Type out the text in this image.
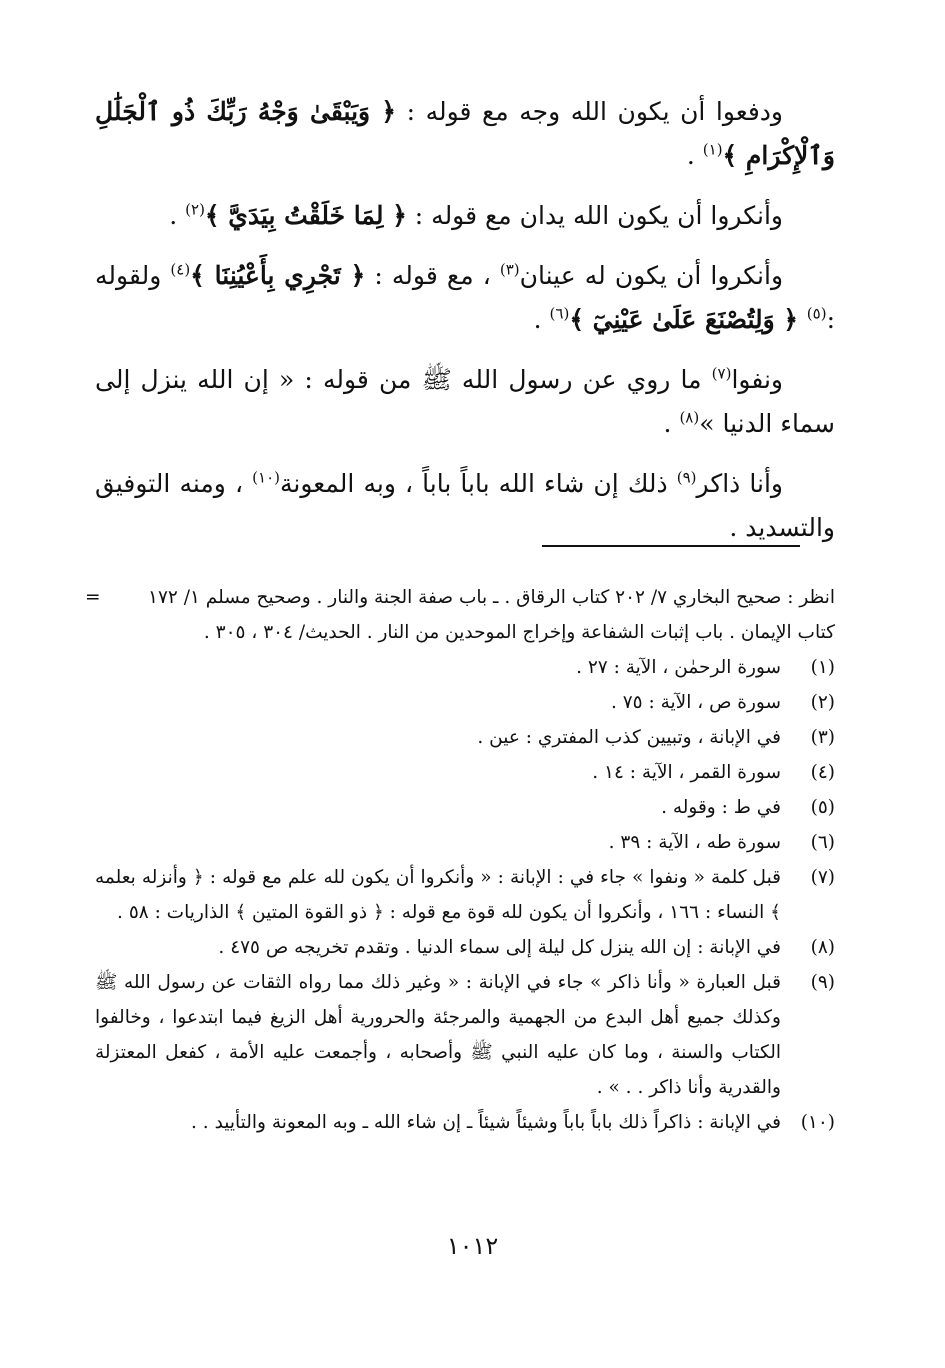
ودفعوا أن يكون الله وجه مع قوله : ﴿ وَيَبْقَىٰ وَجْهُ رَبِّكَ ذُو ٱلْجَلَٰلِ وَٱلْإِكْرَامِ ﴾$^{(١)}$ .

وأنكروا أن يكون الله يدان مع قوله : ﴿ لِمَا خَلَقْتُ بِيَدَيَّ ﴾$^{(٢)}$ .

وأنكروا أن يكون له عينان$^{(٣)}$ ، مع قوله : ﴿ تَجْرِي بِأَعْيُنِنَا ﴾$^{(٤)}$ ولقوله :$^{(٥)}$ ﴿ وَلِتُصْنَعَ عَلَىٰ عَيْنِيٓ ﴾$^{(٦)}$ .

ونفوا$^{(٧)}$ ما روي عن رسول الله ﷺ من قوله : « إن الله ينزل إلى سماء الدنيا »$^{(٨)}$ .

وأنا ذاكر$^{(٩)}$ ذلك إن شاء الله باباً باباً ، وبه المعونة$^{(١٠)}$ ، ومنه التوفيق والتسديد .

=	انظر : صحيح البخاري ٧/ ٢٠٢ كتاب الرقاق . ـ باب صفة الجنة والنار . وصحيح مسلم ١/ ١٧٢ كتاب الإيمان . باب إثبات الشفاعة وإخراج الموحدين من النار . الحديث/ ٣٠٤ ، ٣٠٥ .
(١)
سورة الرحمٰن ، الآية : ٢٧ .
(٢)
سورة ص ، الآية : ٧٥ .
(٣)
في الإبانة ، وتبيين كذب المفتري : عين .
(٤)
سورة القمر ، الآية : ١٤ .
(٥)
في ط : وقوله .
(٦)
سورة طه ، الآية : ٣٩ .
(٧)
قبل كلمة « ونفوا » جاء في : الإبانة : « وأنكروا أن يكون لله علم مع قوله : ﴿ وأنزله بعلمه ﴾ النساء : ١٦٦ ، وأنكروا أن يكون لله قوة مع قوله : ﴿ ذو القوة المتين ﴾ الذاريات : ٥٨ .
(٨)
في الإبانة : إن الله ينزل كل ليلة إلى سماء الدنيا . وتقدم تخريجه ص ٤٧٥ .
(٩)
قبل العبارة « وأنا ذاكر » جاء في الإبانة : « وغير ذلك مما رواه الثقات عن رسول الله ﷺ وكذلك جميع أهل البدع من الجهمية والمرجئة والحرورية أهل الزيغ فيما ابتدعوا ، وخالفوا الكتاب والسنة ، وما كان عليه النبي ﷺ وأصحابه ، وأجمعت عليه الأمة ، كفعل المعتزلة والقدرية وأنا ذاكر . . » .
(١٠)
في الإبانة : ذاكراً ذلك باباً باباً وشيئاً شيئاً ـ إن شاء الله ـ وبه المعونة والتأييد . .
١٠١٢
